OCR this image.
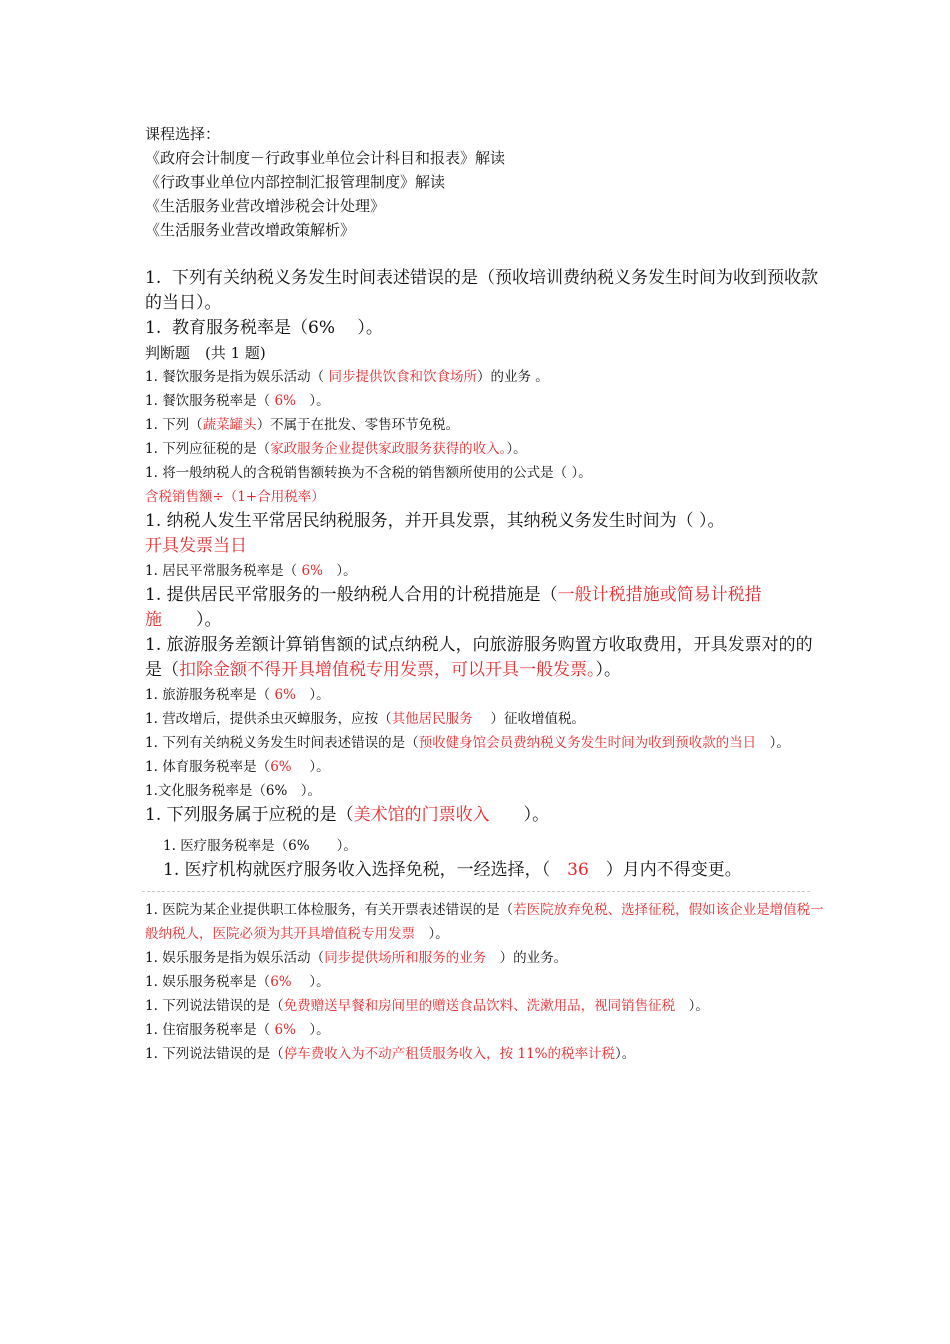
课程选择：
《政府会计制度－行政事业单位会计科目和报表》解读
《行政事业单位内部控制汇报管理制度》解读
《生活服务业营改增涉税会计处理》
《生活服务业营改增政策解析》
1. 下列有关纳税义务发生时间表述错误的是（预收培训费纳税义务发生时间为收到预收款的当日）。
1. 教育服务税率是（6%　 ）。
判断题　(共 1 题)
1. 餐饮服务是指为娱乐活动（ 同步提供饮食和饮食场所）的业务 。
1. 餐饮服务税率是（ 6%　）。
1. 下列（蔬菜罐头）不属于在批发、零售环节免税。
1. 下列应征税的是（家政服务企业提供家政服务获得的收入。）。
1. 将一般纳税人的含税销售额转换为不含税的销售额所使用的公式是（ ）。
含税销售额÷（1+合用税率）
1. 纳税人发生平常居民纳税服务，并开具发票，其纳税义务发生时间为（ ）。
开具发票当日
1. 居民平常服务税率是（ 6%　）。
1. 提供居民平常服务的一般纳税人合用的计税措施是（一般计税措施或简易计税措施　　）。
1. 旅游服务差额计算销售额的试点纳税人，向旅游服务购置方收取费用，开具发票对的的是（扣除金额不得开具增值税专用发票，可以开具一般发票。）。
1. 旅游服务税率是（ 6%　）。
1. 营改增后，提供杀虫灭蟑服务，应按（其他居民服务　 ）征收增值税。
1. 下列有关纳税义务发生时间表述错误的是（预收健身馆会员费纳税义务发生时间为收到预收款的当日　）。
1. 体育服务税率是（6%　 ）。
1.文化服务税率是（6%　）。
1. 下列服务属于应税的是（美术馆的门票收入　　）。
1. 医疗服务税率是（6%　　）。
1. 医疗机构就医疗服务收入选择免税，一经选择，（　36　）月内不得变更。
1. 医院为某企业提供职工体检服务，有关开票表述错误的是（若医院放弃免税、选择征税，假如该企业是增值税一般纳税人，医院必须为其开具增值税专用发票　）。
1. 娱乐服务是指为娱乐活动（同步提供场所和服务的业务　）的业务。
1. 娱乐服务税率是（6%　 ）。
1. 下列说法错误的是（免费赠送早餐和房间里的赠送食品饮料、洗漱用品，视同销售征税　）。
1. 住宿服务税率是（ 6%　）。
1. 下列说法错误的是（停车费收入为不动产租赁服务收入，按 11%的税率计税）。
